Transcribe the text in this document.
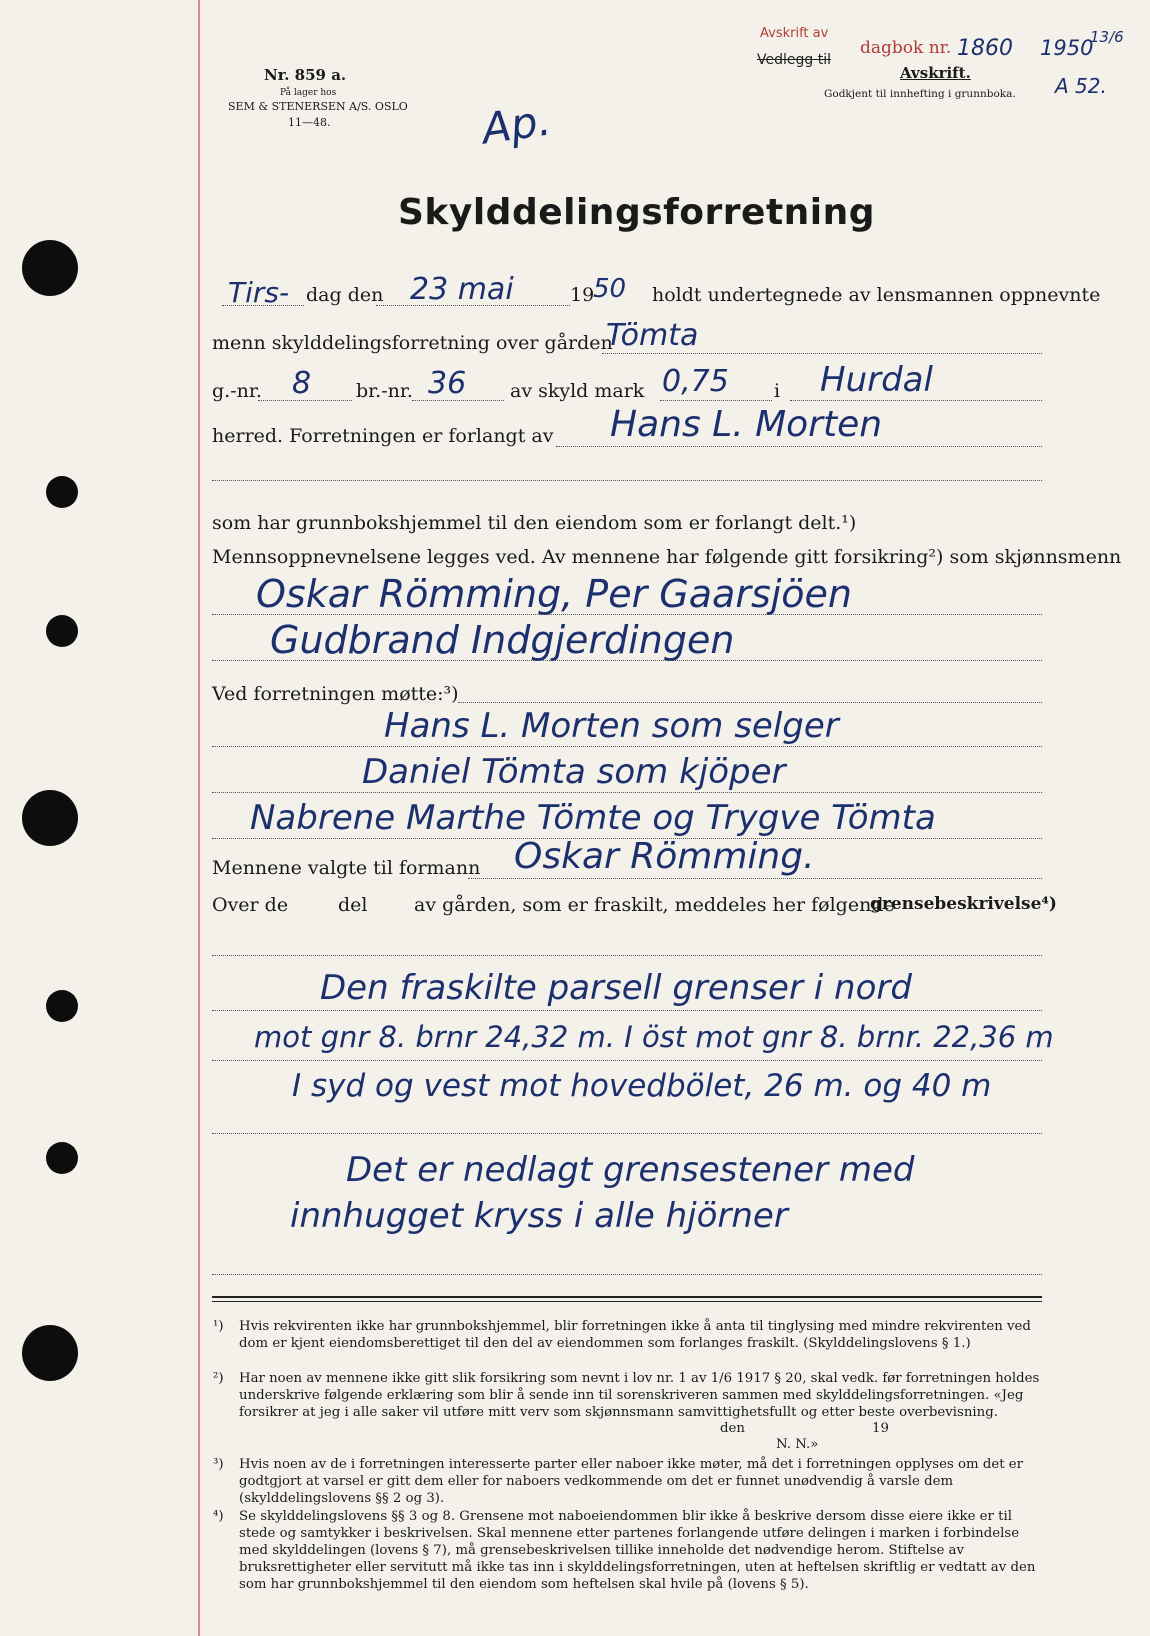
Nr. 859 a.
På lager hos
SEM & STENERSEN A/S. OSLO
11—48.	Ap.
Avskrift av
Vedlegg til
dagbok nr. 1860 1950
13/6
Avskrift.
Godkjent til innhefting i grunnboka. A 52.
Skylddelingsforretning
Tirs- dag den 23 mai	19
50 holdt undertegnede av lensmannen oppnevnte
menn skylddelingsforretning over gården
Tömta
g.-nr. 8 br.-nr. 36 av skyld mark 0,75 i Hurdal
herred. Forretningen er forlangt av Hans L. Morten
som har grunnbokshjemmel til den eiendom som er forlangt delt.¹)
Mennsoppnevnelsene legges ved. Av mennene har følgende gitt forsikring²) som skjønnsmenn
Oskar Römming, Per Gaarsjöen
Gudbrand Indgjerdingen
Ved forretningen møtte:³)
Hans L. Morten som selger
Daniel Tömta som kjöper
Nabrene Marthe Tömte og Trygve Tömta
Mennene valgte til formann Oskar Römming.
Over de	del av gården, som er fraskilt, meddeles her følgende
grensebeskrivelse⁴)
Den fraskilte parsell grenser i nord
mot gnr 8. brnr 24,32 m. I öst mot gnr 8. brnr. 22,36 m
I syd og vest mot hovedbölet, 26 m. og 40 m
Det er nedlagt grensestener med
innhugget kryss i alle hjörner
¹) Hvis rekvirenten ikke har grunnbokshjemmel, blir forretningen ikke å anta til tinglysing med mindre rekvirenten ved dom er kjent eiendomsberettiget til den del av eiendommen som forlanges fraskilt. (Skylddelingslovens § 1.)
²) Har noen av mennene ikke gitt slik forsikring som nevnt i lov nr. 1 av 1/6 1917 § 20, skal vedk. før forretningen holdes underskrive følgende erklæring som blir å sende inn til sorenskriveren sammen med skylddelingsforretningen. «Jeg forsikrer at jeg i alle saker vil utføre mitt verv som skjønnsmann samvittighetsfullt og etter beste overbevisning.
den	19
N. N.»
³) Hvis noen av de i forretningen interesserte parter eller naboer ikke møter, må det i forretningen opplyses om det er godtgjort at varsel er gitt dem eller for naboers vedkommende om det er funnet unødvendig å varsle dem (skylddelingslovens §§ 2 og 3).
⁴) Se skylddelingslovens §§ 3 og 8. Grensene mot naboeiendommen blir ikke å beskrive dersom disse eiere ikke er til stede og samtykker i beskrivelsen. Skal mennene etter partenes forlangende utføre delingen i marken i forbindelse med skylddelingen (lovens § 7), må grensebeskrivelsen tillike inneholde det nødvendige herom. Stiftelse av bruksrettigheter eller servitutt må ikke tas inn i skylddelingsforretningen, uten at heftelsen skriftlig er vedtatt av den som har grunnbokshjemmel til den eiendom som heftelsen skal hvile på (lovens § 5).
